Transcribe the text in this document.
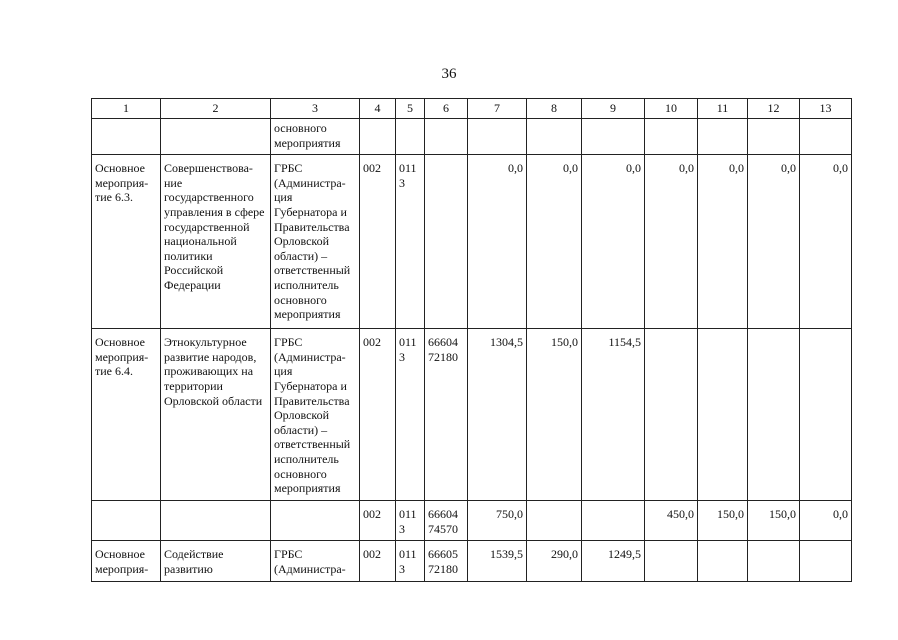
36
1	2	3	4	5	6	7	8	9	10	11	12	13
		основного мероприятия										
Основное мероприя-тие 6.3.	Совершенствова-ние государственного управления в сфере государственной национальной политики Российской Федерации	ГРБС (Администра-ция Губернатора и Правительства Орловской области) – ответственный исполнитель основного мероприятия	002	011 3		0,0	0,0	0,0	0,0	0,0	0,0	0,0
Основное мероприя-тие 6.4.	Этнокультурное развитие народов, проживающих на территории Орловской области	ГРБС (Администра-ция Губернатора и Правительства Орловской области) – ответственный исполнитель основного мероприятия	002	011 3	66604 72180	1304,5	150,0	1154,5				
			002	011 3	66604 74570	750,0			450,0	150,0	150,0	0,0
Основное мероприя-	Содействие развитию	ГРБС (Администра-	002	011 3	66605 72180	1539,5	290,0	1249,5				
